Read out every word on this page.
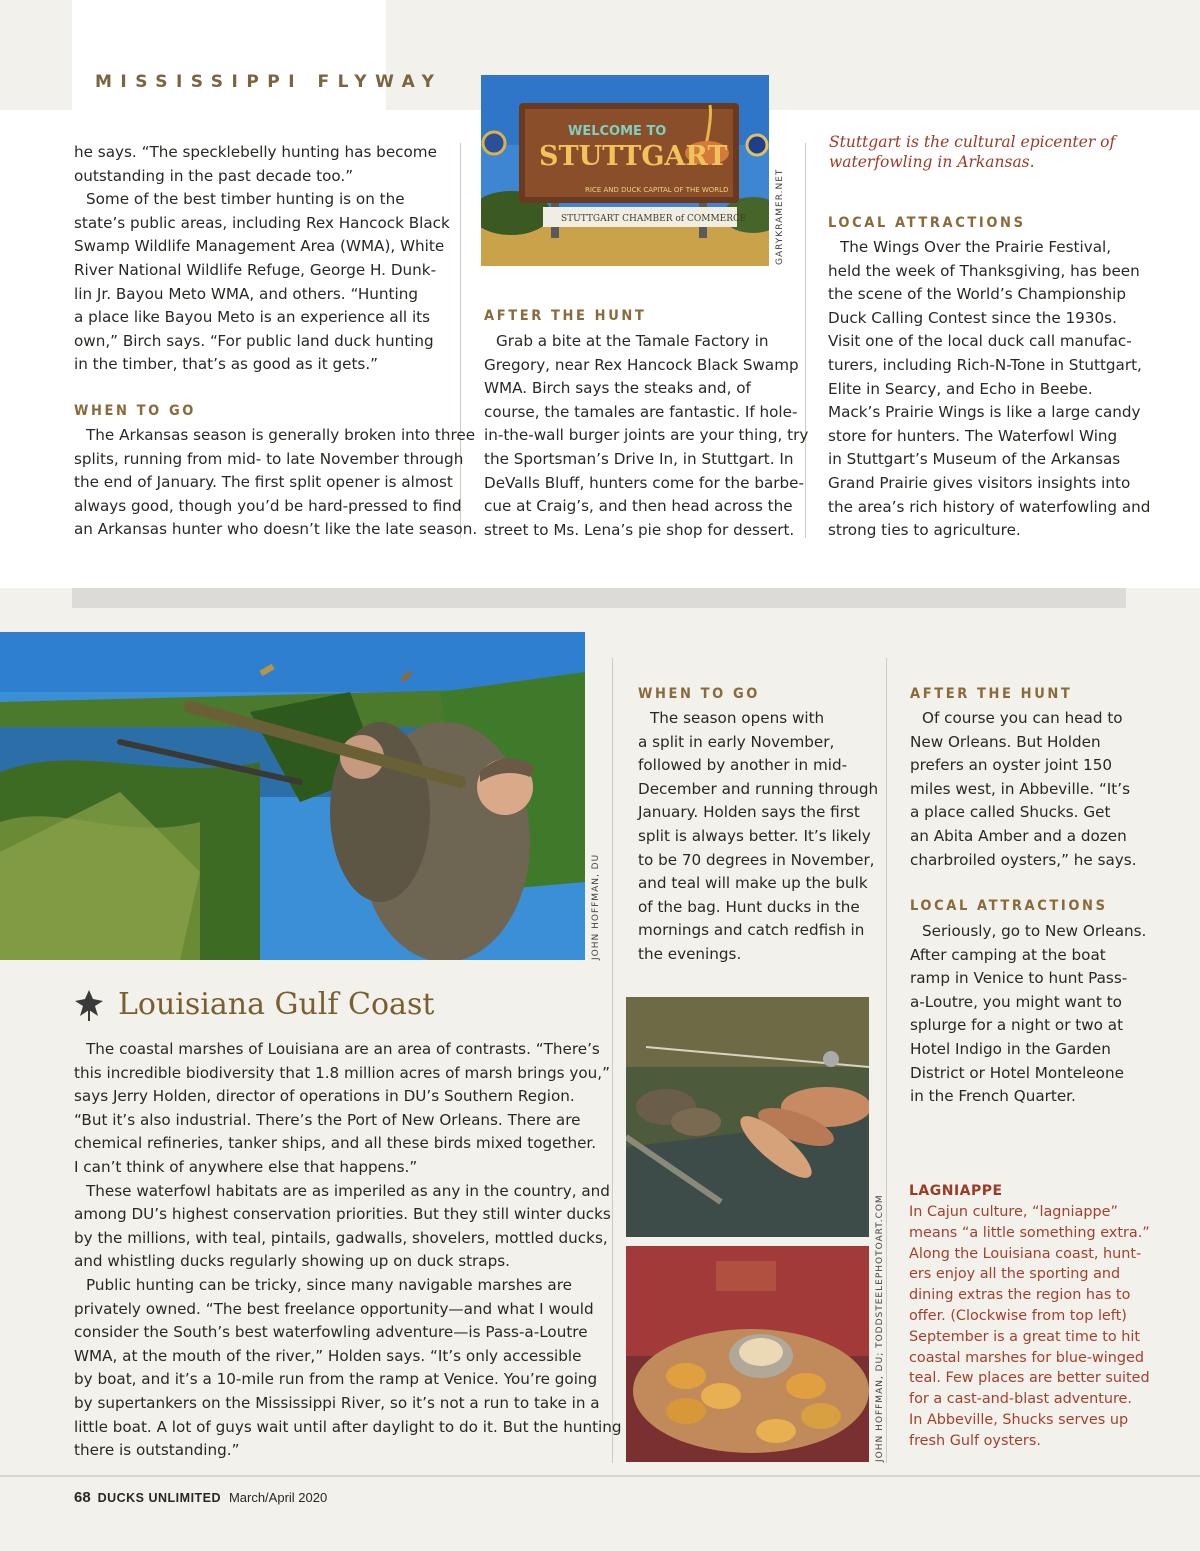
MISSISSIPPI FLYWAY
he says. “The specklebelly hunting has become
outstanding in the past decade too.”
Some of the best timber hunting is on the
state’s public areas, including Rex Hancock Black
Swamp Wildlife Management Area (WMA), White
River National Wildlife Refuge, George H. Dunk-
lin Jr. Bayou Meto WMA, and others. “Hunting
a place like Bayou Meto is an experience all its
own,” Birch says. “For public land duck hunting
in the timber, that’s as good as it gets.”
WHEN TO GO
The Arkansas season is generally broken into three
splits, running from mid- to late November through
the end of January. The first split opener is almost
always good, though you’d be hard-pressed to find
an Arkansas hunter who doesn’t like the late season.
WELCOME TO
STUTTGART
RICE AND DUCK CAPITAL OF THE WORLD
STUTTGART CHAMBER of COMMERCE	GARYKRAMER.NET
AFTER THE HUNT
Grab a bite at the Tamale Factory in
Gregory, near Rex Hancock Black Swamp
WMA. Birch says the steaks and, of
course, the tamales are fantastic. If hole-
in-the-wall burger joints are your thing, try
the Sportsman’s Drive In, in Stuttgart. In
DeValls Bluff, hunters come for the barbe-
cue at Craig’s, and then head across the
street to Ms. Lena’s pie shop for dessert.
Stuttgart is the cultural epicenter of
waterfowling in Arkansas.
LOCAL ATTRACTIONS
The Wings Over the Prairie Festival,
held the week of Thanksgiving, has been
the scene of the World’s Championship
Duck Calling Contest since the 1930s.
Visit one of the local duck call manufac-
turers, including Rich-N-Tone in Stuttgart,
Elite in Searcy, and Echo in Beebe.
Mack’s Prairie Wings is like a large candy
store for hunters. The Waterfowl Wing
in Stuttgart’s Museum of the Arkansas
Grand Prairie gives visitors insights into
the area’s rich history of waterfowling and
strong ties to agriculture.
JOHN HOFFMAN, DU
Louisiana Gulf Coast
The coastal marshes of Louisiana are an area of contrasts. “There’s
this incredible biodiversity that 1.8 million acres of marsh brings you,”
says Jerry Holden, director of operations in DU’s Southern Region.
“But it’s also industrial. There’s the Port of New Orleans. There are
chemical refineries, tanker ships, and all these birds mixed together.
I can’t think of anywhere else that happens.”
These waterfowl habitats are as imperiled as any in the country, and
among DU’s highest conservation priorities. But they still winter ducks
by the millions, with teal, pintails, gadwalls, shovelers, mottled ducks,
and whistling ducks regularly showing up on duck straps.
Public hunting can be tricky, since many navigable marshes are
privately owned. “The best freelance opportunity—and what I would
consider the South’s best waterfowling adventure—is Pass-a-Loutre
WMA, at the mouth of the river,” Holden says. “It’s only accessible
by boat, and it’s a 10-mile run from the ramp at Venice. You’re going
by supertankers on the Mississippi River, so it’s not a run to take in a
little boat. A lot of guys wait until after daylight to do it. But the hunting
there is outstanding.”
WHEN TO GO
The season opens with
a split in early November,
followed by another in mid-
December and running through
January. Holden says the first
split is always better. It’s likely
to be 70 degrees in November,
and teal will make up the bulk
of the bag. Hunt ducks in the
mornings and catch redfish in
the evenings.
JOHN HOFFMAN, DU; TODDSTEELEPHOTOART.COM
AFTER THE HUNT
Of course you can head to
New Orleans. But Holden
prefers an oyster joint 150
miles west, in Abbeville. “It’s
a place called Shucks. Get
an Abita Amber and a dozen
charbroiled oysters,” he says.
LOCAL ATTRACTIONS
Seriously, go to New Orleans.
After camping at the boat
ramp in Venice to hunt Pass-
a-Loutre, you might want to
splurge for a night or two at
Hotel Indigo in the Garden
District or Hotel Monteleone
in the French Quarter.
LAGNIAPPE
In Cajun culture, “lagniappe”
means “a little something extra.”
Along the Louisiana coast, hunt-
ers enjoy all the sporting and
dining extras the region has to
offer. (Clockwise from top left)
September is a great time to hit
coastal marshes for blue-winged
teal. Few places are better suited
for a cast-and-blast adventure.
In Abbeville, Shucks serves up
fresh Gulf oysters.
68 DUCKS UNLIMITED March/April 2020
